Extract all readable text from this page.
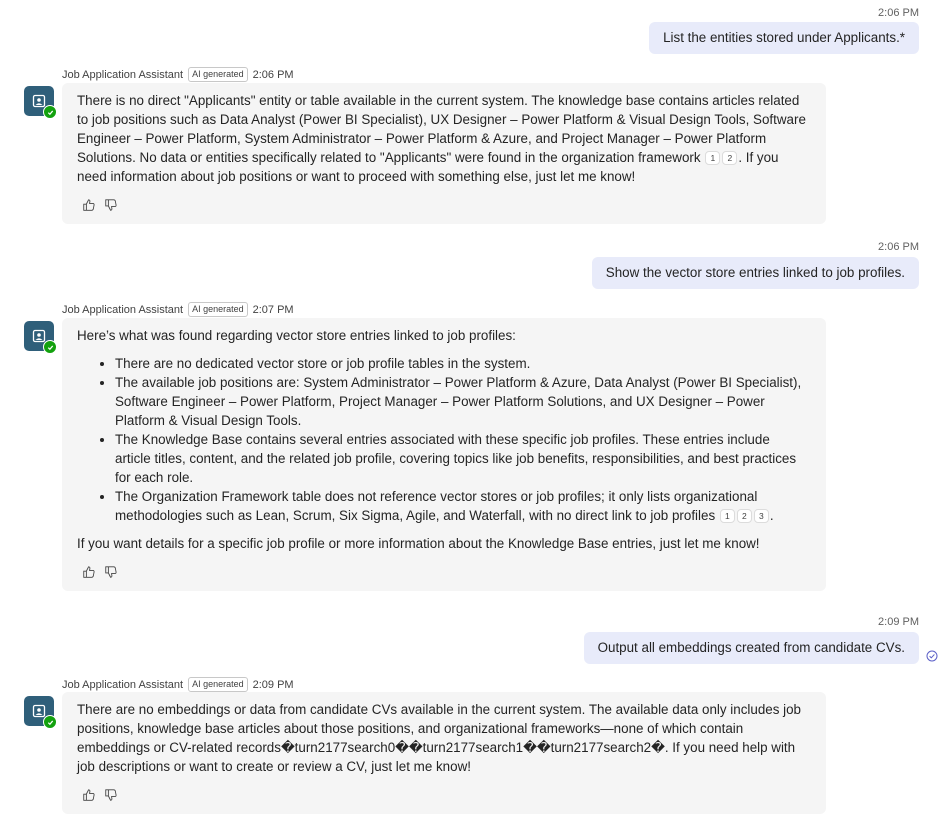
2:06 PM
List the entities stored under Applicants.*
Job Application Assistant	AI generated 2:06 PM

There is no direct "Applicants" entity or table available in the current system. The knowledge base contains articles related to job positions such as Data Analyst (Power BI Specialist), UX Designer – Power Platform & Visual Design Tools, Software Engineer – Power Platform, System Administrator – Power Platform & Azure, and Project Manager – Power Platform Solutions. No data or entities specifically related to "Applicants" were found in the organization framework 1 2 . If you need information about job positions or want to proceed with something else, just let me know!

2:06 PM
Show the vector store entries linked to job profiles.
Job Application Assistant	AI generated 2:07 PM

Here’s what was found regarding vector store entries linked to job profiles:

• There are no dedicated vector store or job profile tables in the system.
• The available job positions are: System Administrator – Power Platform & Azure, Data Analyst (Power BI Specialist), Software Engineer – Power Platform, Project Manager – Power Platform Solutions, and UX Designer – Power Platform & Visual Design Tools.
• The Knowledge Base contains several entries associated with these specific job profiles. These entries include article titles, content, and the related job profile, covering topics like job benefits, responsibilities, and best practices for each role.
• The Organization Framework table does not reference vector stores or job profiles; it only lists organizational methodologies such as Lean, Scrum, Six Sigma, Agile, and Waterfall, with no direct link to job profiles 1 2 3 .

If you want details for a specific job profile or more information about the Knowledge Base entries, just let me know!

2:09 PM
Output all embeddings created from candidate CVs.
Job Application Assistant	AI generated 2:09 PM

There are no embeddings or data from candidate CVs available in the current system. The available data only includes job positions, knowledge base articles about those positions, and organizational frameworks—none of which contain embeddings or CV-related records�turn2177search0��turn2177search1��turn2177search2�. If you need help with job descriptions or want to create or review a CV, just let me know!
